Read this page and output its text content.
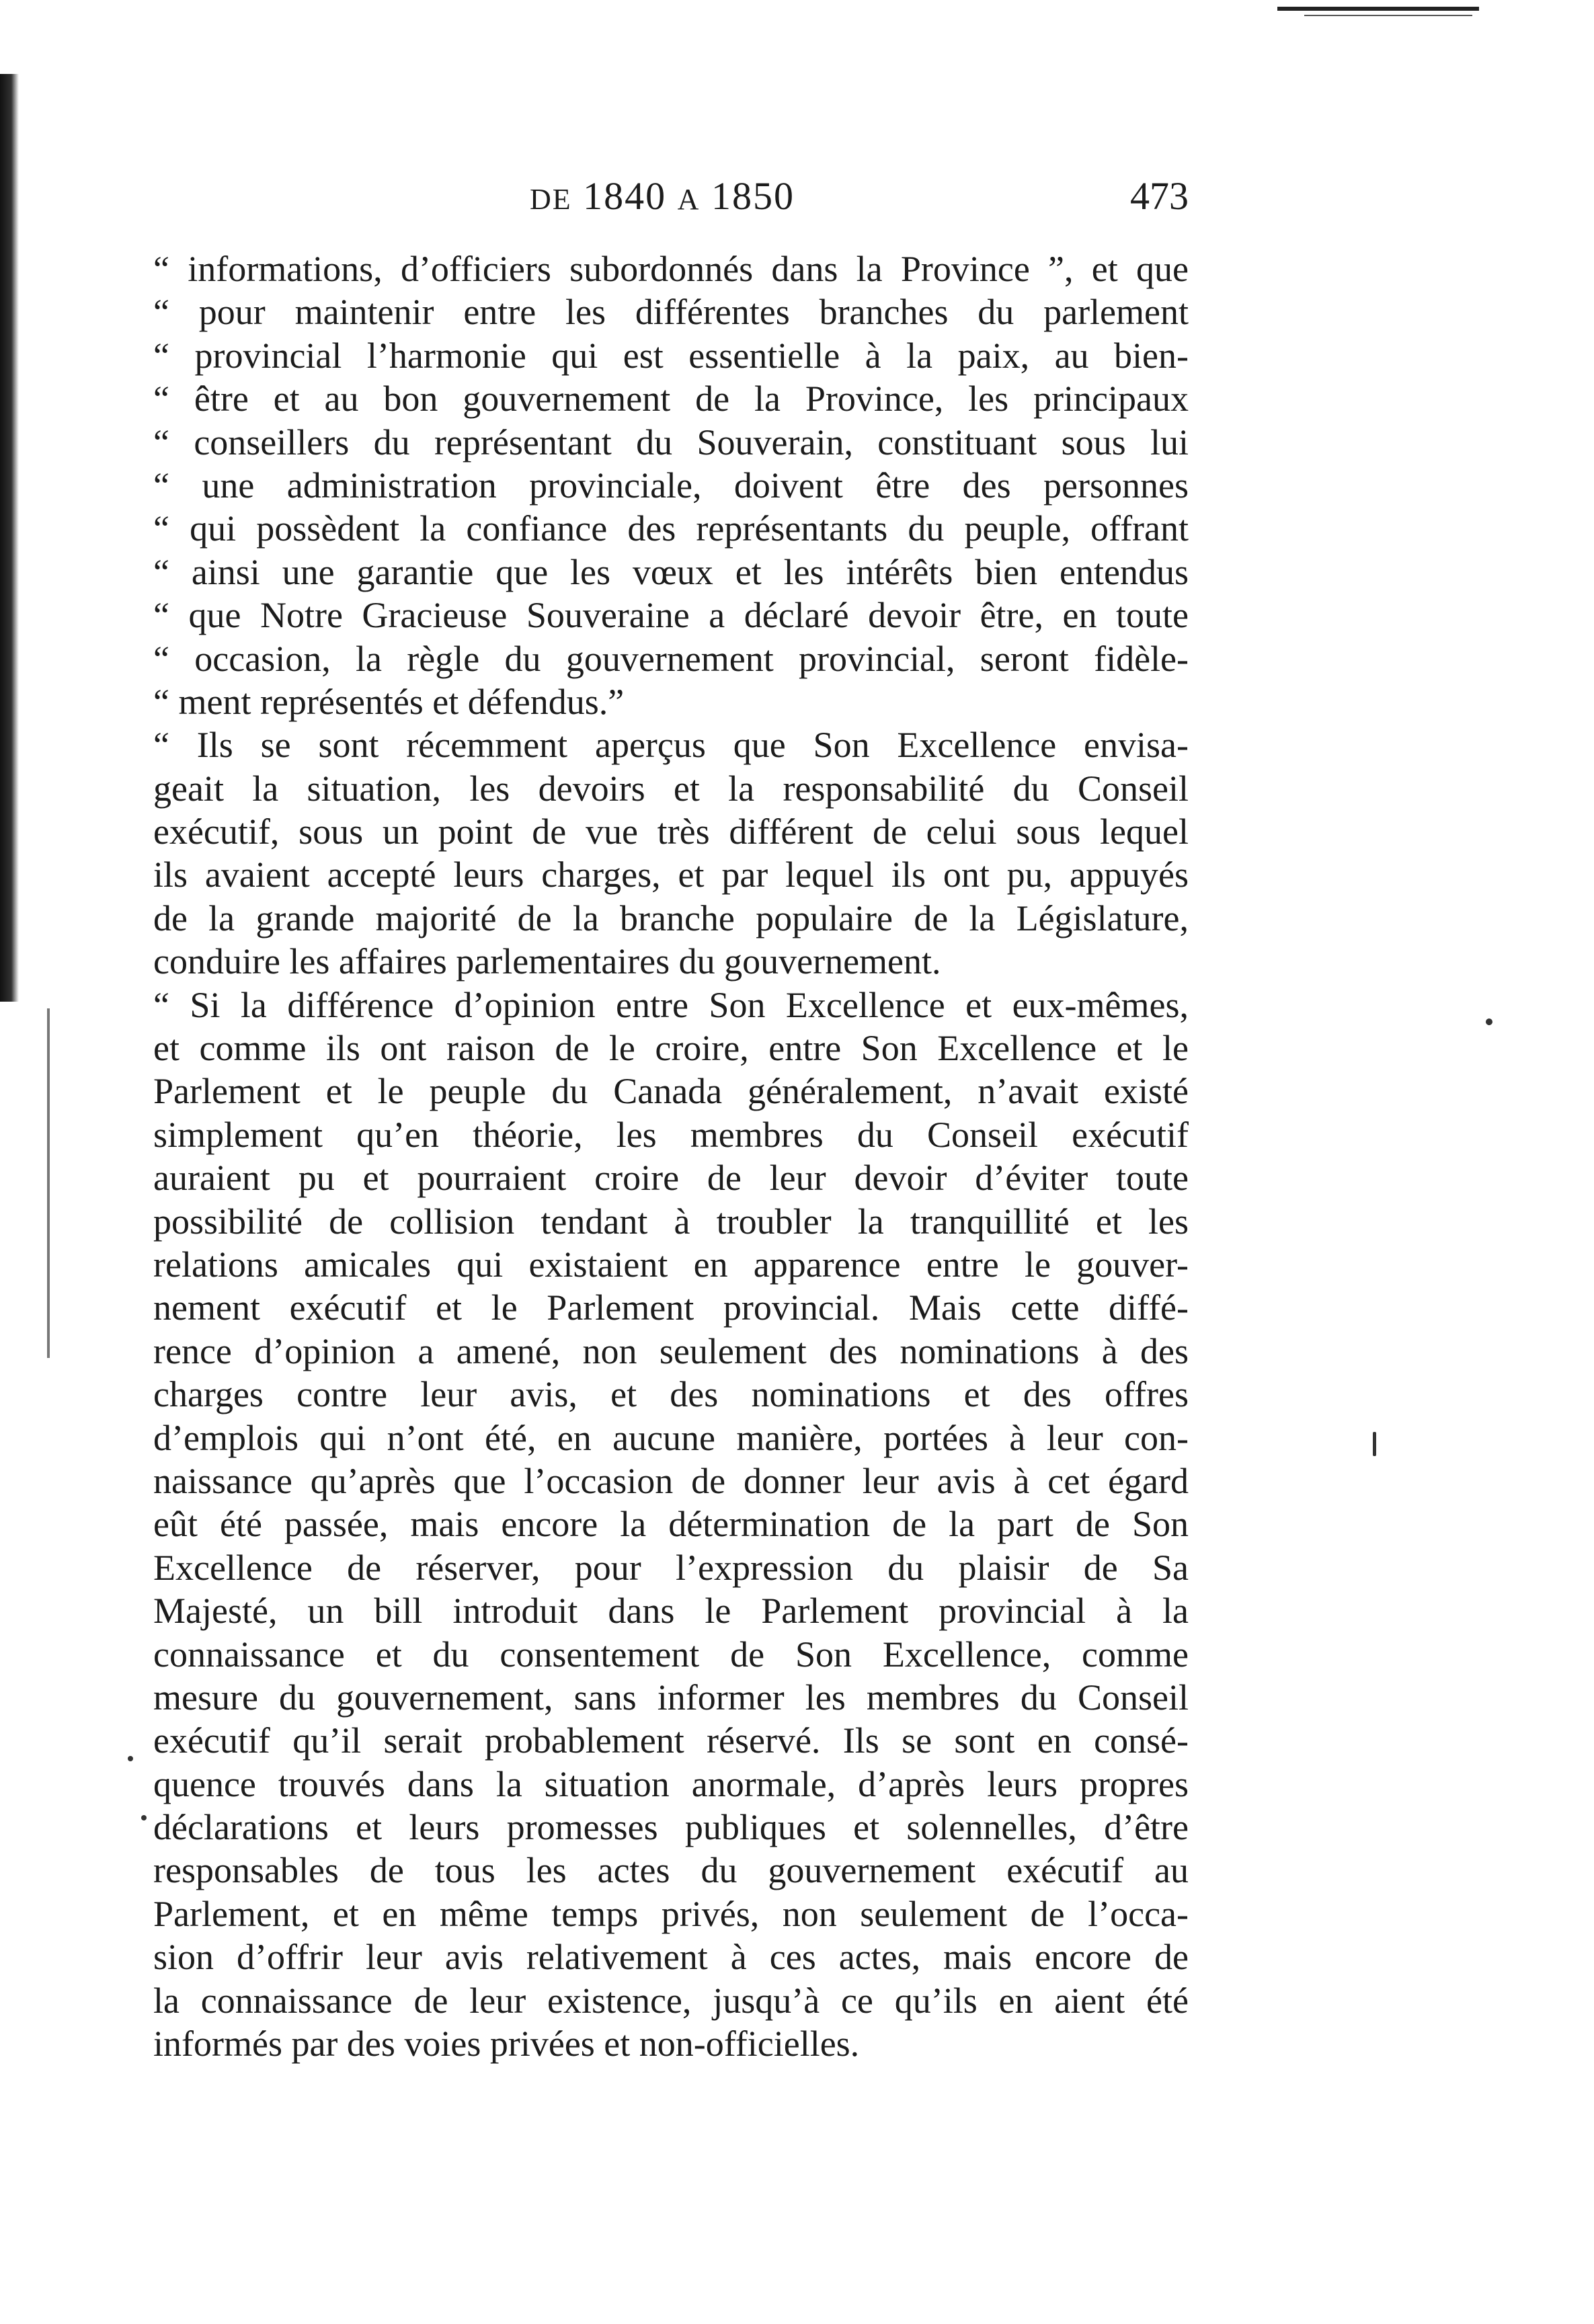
DE 1840 A 1850	473
“ informations, d’officiers subordonnés dans la Province ”, et que
“ pour maintenir entre les différentes branches du parlement
“ provincial l’harmonie qui est essentielle à la paix, au bien-
“ être et au bon gouvernement de la Province, les principaux
“ conseillers du représentant du Souverain, constituant sous lui
“ une administration provinciale, doivent être des personnes
“ qui possèdent la confiance des représentants du peuple, offrant
“ ainsi une garantie que les vœux et les intérêts bien entendus
“ que Notre Gracieuse Souveraine a déclaré devoir être, en toute
“ occasion, la règle du gouvernement provincial, seront fidèle-
“ ment représentés et défendus.”
“ Ils se sont récemment aperçus que Son Excellence envisa-
geait la situation, les devoirs et la responsabilité du Conseil
exécutif, sous un point de vue très différent de celui sous lequel
ils avaient accepté leurs charges, et par lequel ils ont pu, appuyés
de la grande majorité de la branche populaire de la Législature,
conduire les affaires parlementaires du gouvernement.
“ Si la différence d’opinion entre Son Excellence et eux-mêmes,
et comme ils ont raison de le croire, entre Son Excellence et le
Parlement et le peuple du Canada généralement, n’avait existé
simplement qu’en théorie, les membres du Conseil exécutif
auraient pu et pourraient croire de leur devoir d’éviter toute
possibilité de collision tendant à troubler la tranquillité et les
relations amicales qui existaient en apparence entre le gouver-
nement exécutif et le Parlement provincial. Mais cette diffé-
rence d’opinion a amené, non seulement des nominations à des
charges contre leur avis, et des nominations et des offres
d’emplois qui n’ont été, en aucune manière, portées à leur con-
naissance qu’après que l’occasion de donner leur avis à cet égard
eût été passée, mais encore la détermination de la part de Son
Excellence de réserver, pour l’expression du plaisir de Sa
Majesté, un bill introduit dans le Parlement provincial à la
connaissance et du consentement de Son Excellence, comme
mesure du gouvernement, sans informer les membres du Conseil
exécutif qu’il serait probablement réservé. Ils se sont en consé-
quence trouvés dans la situation anormale, d’après leurs propres
déclarations et leurs promesses publiques et solennelles, d’être
responsables de tous les actes du gouvernement exécutif au
Parlement, et en même temps privés, non seulement de l’occa-
sion d’offrir leur avis relativement à ces actes, mais encore de
la connaissance de leur existence, jusqu’à ce qu’ils en aient été
informés par des voies privées et non-officielles.
